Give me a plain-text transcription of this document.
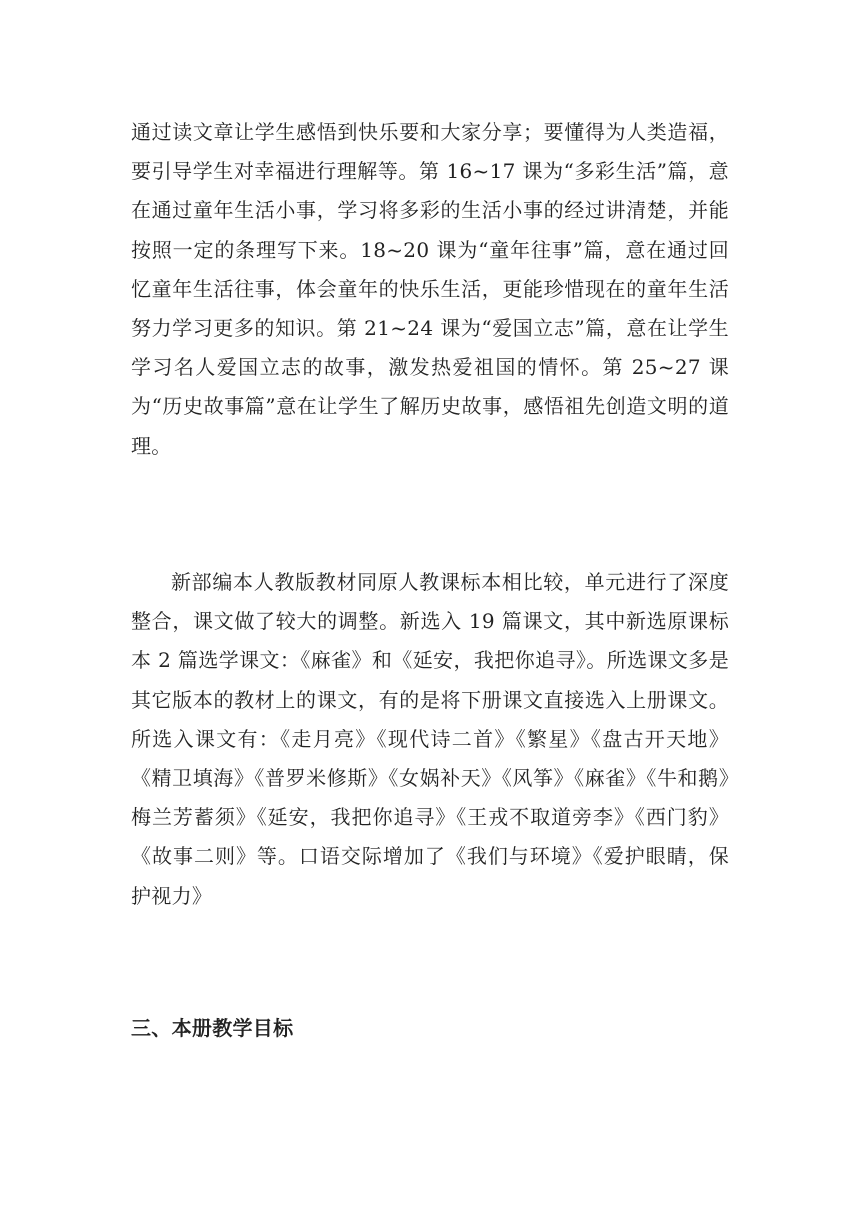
通过读文章让学生感悟到快乐要和大家分享；要懂得为人类造福，要引导学生对幸福进行理解等。第 16~17 课为“多彩生活”篇，意在通过童年生活小事，学习将多彩的生活小事的经过讲清楚，并能按照一定的条理写下来。18~20 课为“童年往事”篇，意在通过回忆童年生活往事，体会童年的快乐生活，更能珍惜现在的童年生活努力学习更多的知识。第 21~24 课为“爱国立志”篇，意在让学生学习名人爱国立志的故事，激发热爱祖国的情怀。第 25~27 课为“历史故事篇”意在让学生了解历史故事，感悟祖先创造文明的道理。

新部编本人教版教材同原人教课标本相比较，单元进行了深度整合，课文做了较大的调整。新选入 19 篇课文，其中新选原课标本 2 篇选学课文：《麻雀》和《延安，我把你追寻》。所选课文多是其它版本的教材上的课文，有的是将下册课文直接选入上册课文。所选入课文有：《走月亮》《现代诗二首》《繁星》《盘古开天地》《精卫填海》《普罗米修斯》《女娲补天》《风筝》《麻雀》《牛和鹅》梅兰芳蓄须》《延安，我把你追寻》《王戎不取道旁李》《西门豹》《故事二则》等。口语交际增加了《我们与环境》《爱护眼睛，保护视力》

三、本册教学目标
